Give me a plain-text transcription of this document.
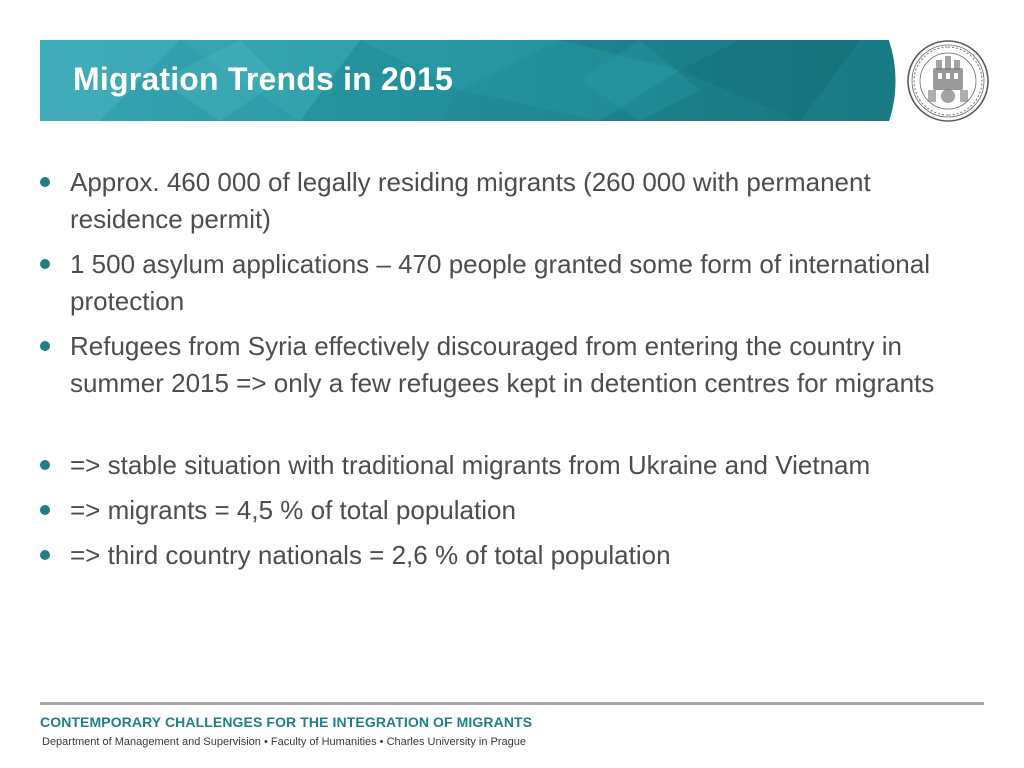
Migration Trends in 2015
Approx. 460 000 of legally residing migrants (260 000 with permanent residence permit)
1 500 asylum applications – 470 people granted some form of international protection
Refugees from Syria effectively discouraged from entering the country in summer 2015 => only a few refugees kept in detention centres for migrants
=> stable situation with traditional migrants from Ukraine and Vietnam
=> migrants = 4,5 % of total population
=> third country nationals = 2,6 % of total population
CONTEMPORARY CHALLENGES FOR THE INTEGRATION OF MIGRANTS
Department of Management and Supervision • Faculty of Humanities • Charles University in Prague
